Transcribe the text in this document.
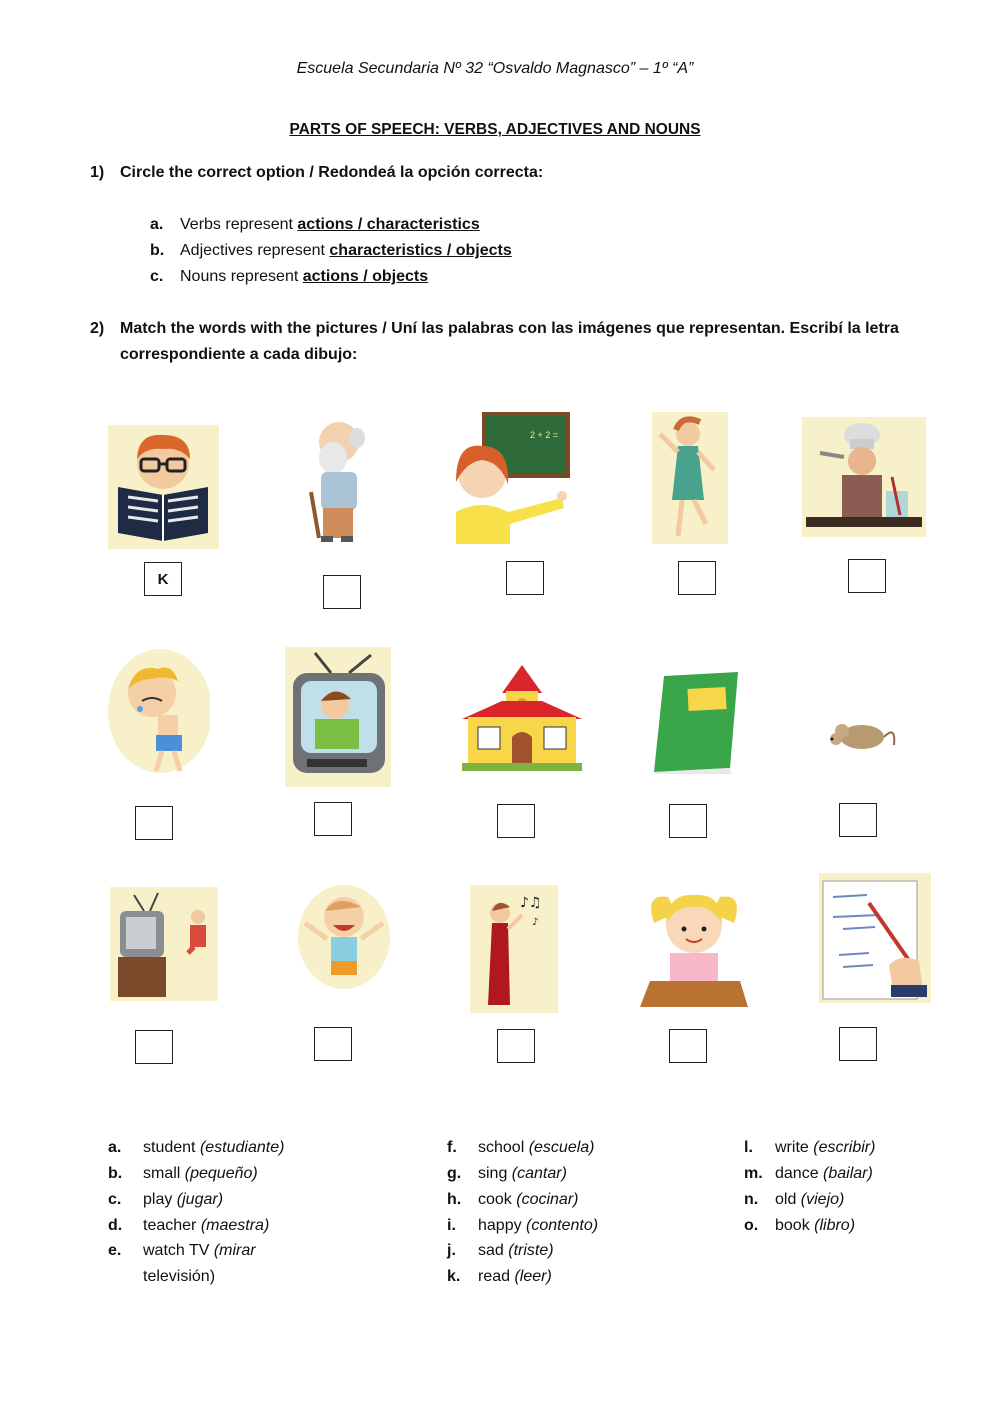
Escuela Secundaria Nº 32 “Osvaldo Magnasco” – 1º “A”
PARTS OF SPEECH: VERBS, ADJECTIVES AND NOUNS
1) Circle the correct option / Redondeá la opción correcta:
a. Verbs represent actions / characteristics
b. Adjectives represent characteristics / objects
c. Nouns represent actions / objects
2) Match the words with the pictures / Uní las palabras con las imágenes que representan. Escribí la letra
correspondiente a cada dibujo:
2 + 2 =
K
♪♫
♪
a. student (estudiante)
b. small (pequeño)
c. play (jugar)
d. teacher (maestra)
e. watch TV (mirar
televisión)
f. school (escuela)
g. sing (cantar)
h. cook (cocinar)
i. happy (contento)
j. sad (triste)
k. read (leer)
l. write (escribir)
m. dance (bailar)
n. old (viejo)
o. book (libro)
